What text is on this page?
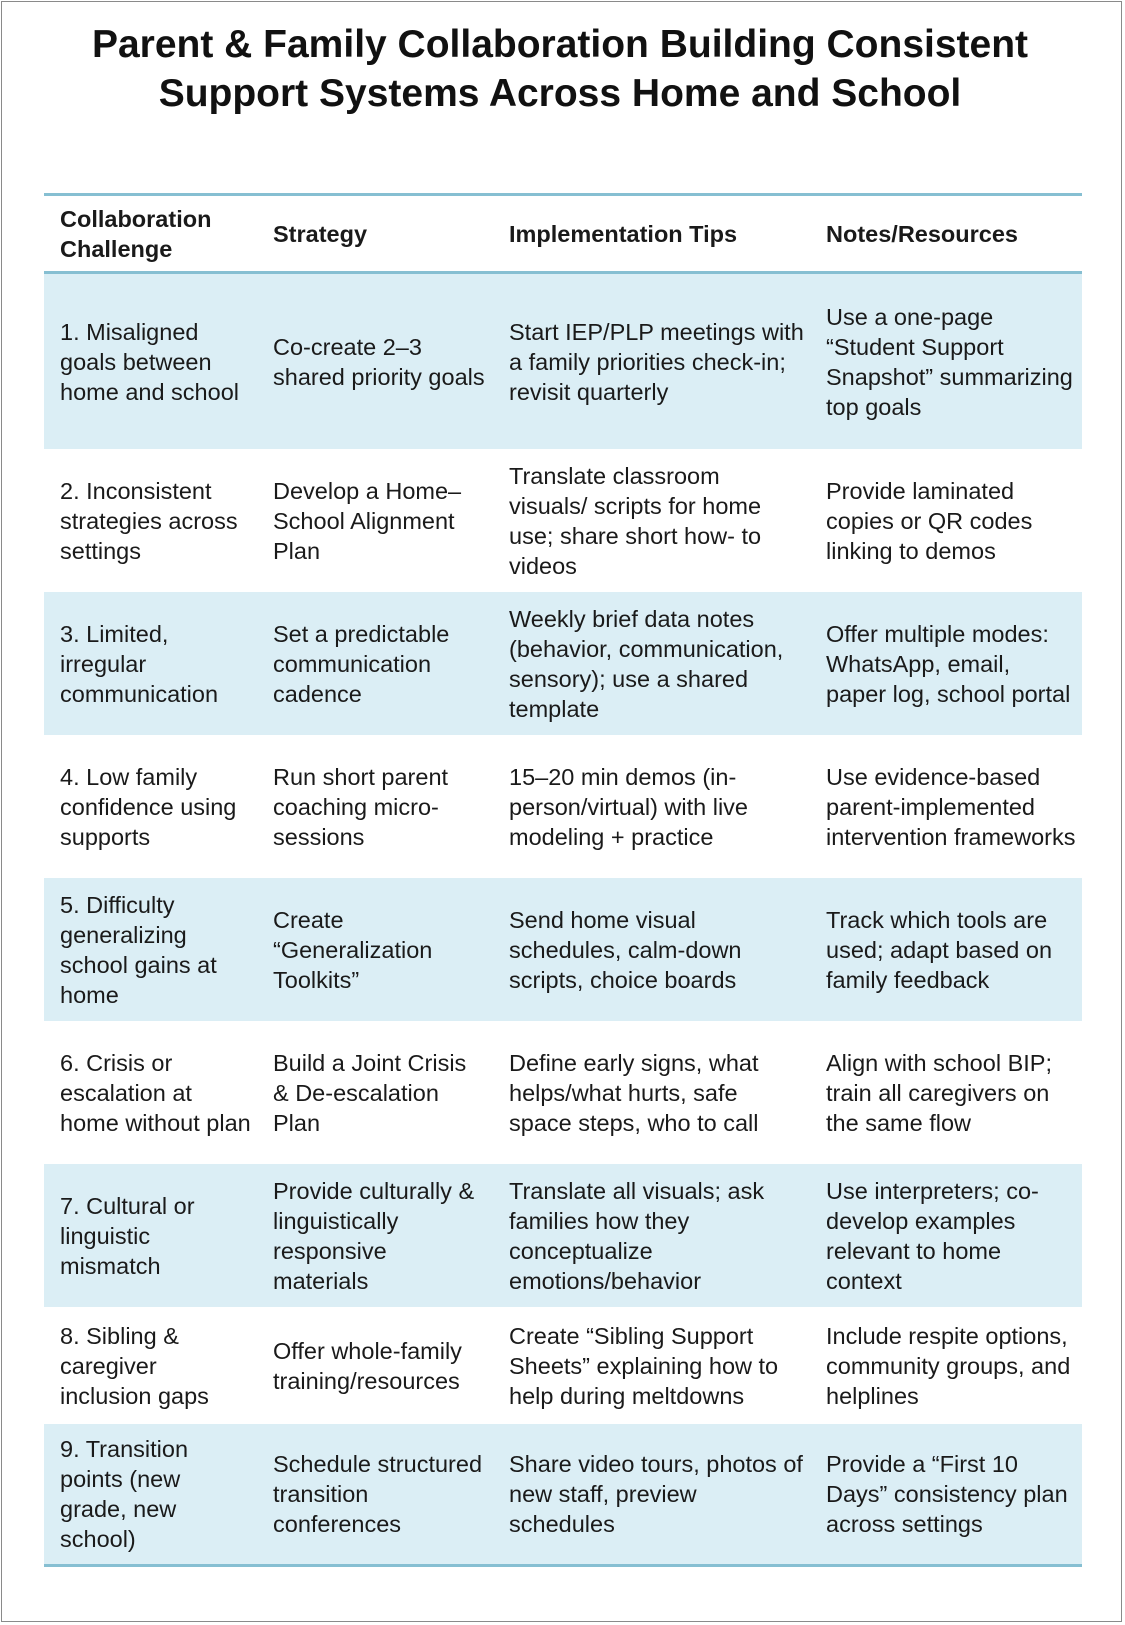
Parent & Family Collaboration Building Consistent Support Systems Across Home and School
Collaboration Challenge
Strategy	Implementation Tips	Notes/Resources
1. Misaligned goals between home and school
Co-create 2–3 shared priority goals
Start IEP/PLP meetings with a family priorities check-in; revisit quarterly
Use a one-page “Student Support Snapshot” summarizing top goals
2. Inconsistent strategies across settings
Develop a Home–School Alignment Plan
Translate classroom visuals/ scripts for home use; share short how- to videos
Provide laminated copies or QR codes linking to demos
3. Limited, irregular communication
Set a predictable communication cadence
Weekly brief data notes (behavior, communication, sensory); use a shared template
Offer multiple modes: WhatsApp, email, paper log, school portal
4. Low family confidence using supports
Run short parent coaching micro-sessions
15–20 min demos (in-person/virtual) with live modeling + practice
Use evidence-based parent-implemented intervention frameworks
5. Difficulty generalizing school gains at home
Create “Generalization Toolkits”
Send home visual schedules, calm-down scripts, choice boards
Track which tools are used; adapt based on family feedback
6. Crisis or escalation at home without plan
Build a Joint Crisis & De-escalation Plan
Define early signs, what helps/what hurts, safe space steps, who to call
Align with school BIP; train all caregivers on the same flow
7. Cultural or linguistic mismatch
Provide culturally & linguistically responsive materials
Translate all visuals; ask families how they conceptualize emotions/behavior
Use interpreters; co-develop examples relevant to home context
8. Sibling & caregiver inclusion gaps
Offer whole-family training/resources
Create “Sibling Support Sheets” explaining how to help during meltdowns
Include respite options, community groups, and helplines
9. Transition points (new grade, new school)
Schedule structured transition conferences
Share video tours, photos of new staff, preview schedules
Provide a “First 10 Days” consistency plan across settings
